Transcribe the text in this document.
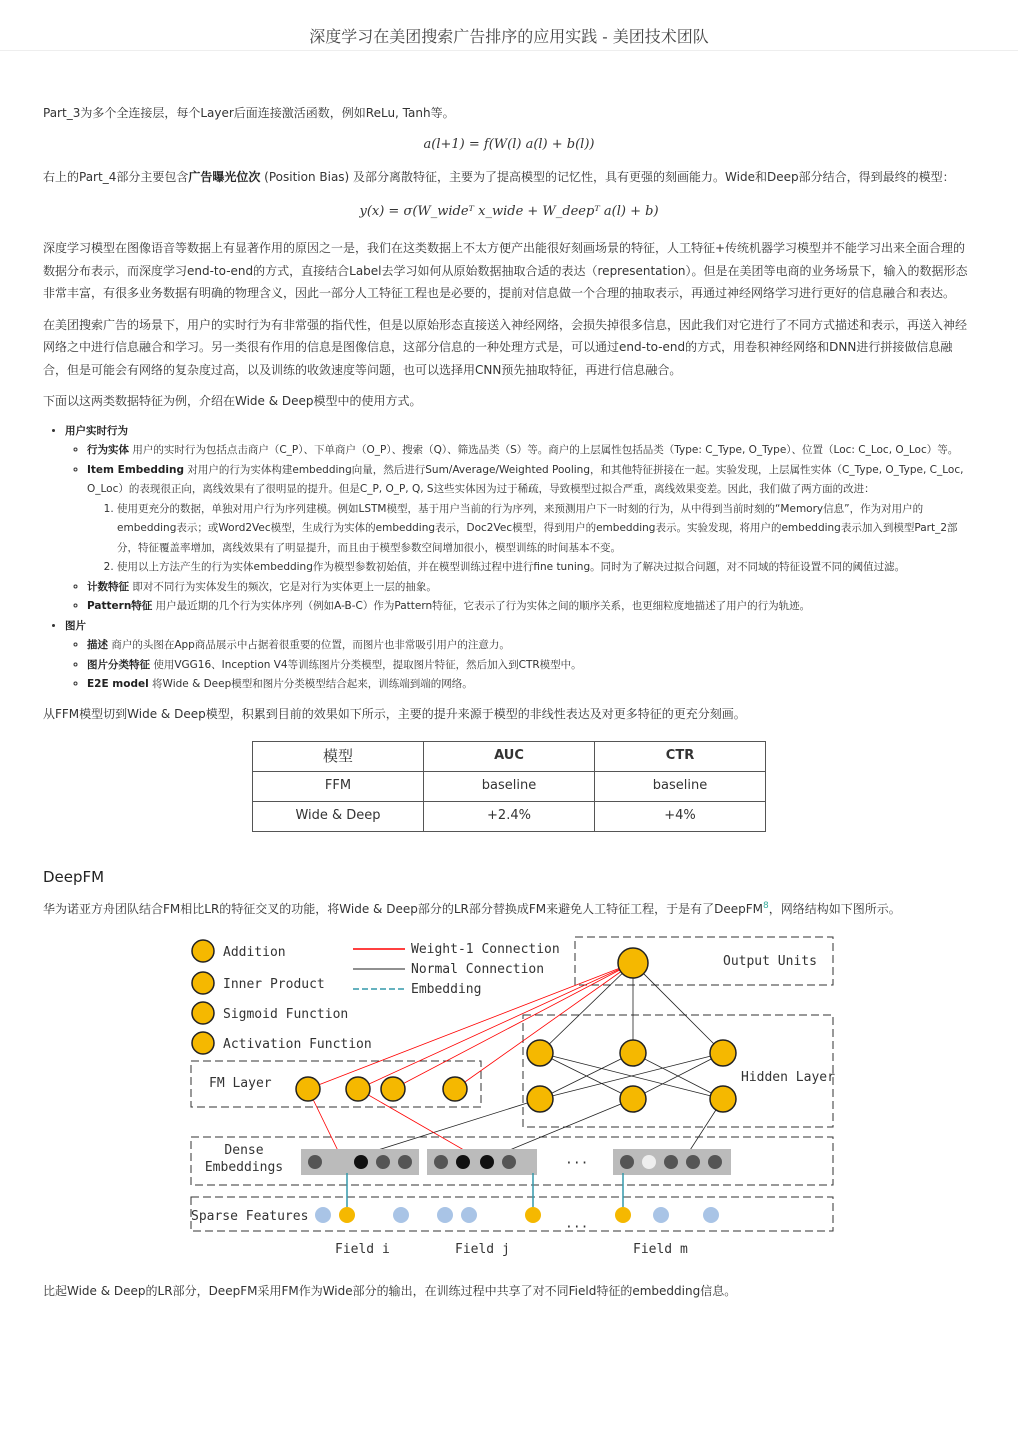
深度学习在美团搜索广告排序的应用实践 - 美团技术团队

Part_3为多个全连接层，每个Layer后面连接激活函数，例如ReLu, Tanh等。

a(l+1) = f(W(l) a(l) + b(l))

右上的Part_4部分主要包含广告曝光位次 (Position Bias) 及部分离散特征，主要为了提高模型的记忆性，具有更强的刻画能力。Wide和Deep部分结合，得到最终的模型：

y(x) = σ(W_wideᵀ x_wide + W_deepᵀ a(l) + b)

深度学习模型在图像语音等数据上有显著作用的原因之一是，我们在这类数据上不太方便产出能很好刻画场景的特征，人工特征+传统机器学习模型并不能学习出来全面合理的数据分布表示，而深度学习end-to-end的方式，直接结合Label去学习如何从原始数据抽取合适的表达（representation）。但是在美团等电商的业务场景下，输入的数据形态非常丰富，有很多业务数据有明确的物理含义，因此一部分人工特征工程也是必要的，提前对信息做一个合理的抽取表示，再通过神经网络学习进行更好的信息融合和表达。

在美团搜索广告的场景下，用户的实时行为有非常强的指代性，但是以原始形态直接送入神经网络，会损失掉很多信息，因此我们对它进行了不同方式描述和表示，再送入神经网络之中进行信息融合和学习。另一类很有作用的信息是图像信息，这部分信息的一种处理方式是，可以通过end-to-end的方式，用卷积神经网络和DNN进行拼接做信息融合，但是可能会有网络的复杂度过高，以及训练的收敛速度等问题，也可以选择用CNN预先抽取特征，再进行信息融合。

下面以这两类数据特征为例，介绍在Wide & Deep模型中的使用方式。

• 用户实时行为
◦ 行为实体 用户的实时行为包括点击商户（C_P）、下单商户（O_P）、搜索（Q）、筛选品类（S）等。商户的上层属性包括品类（Type: C_Type, O_Type）、位置（Loc: C_Loc, O_Loc）等。
◦ Item Embedding 对用户的行为实体构建embedding向量，然后进行Sum/Average/Weighted Pooling，和其他特征拼接在一起。实验发现，上层属性实体（C_Type, O_Type, C_Loc, O_Loc）的表现很正向，离线效果有了很明显的提升。但是C_P, O_P, Q, S这些实体因为过于稀疏，导致模型过拟合严重，离线效果变差。因此，我们做了两方面的改进：
1. 使用更充分的数据，单独对用户行为序列建模。例如LSTM模型，基于用户当前的行为序列，来预测用户下一时刻的行为，从中得到当前时刻的“Memory信息”，作为对用户的embedding表示；或Word2Vec模型，生成行为实体的embedding表示，Doc2Vec模型，得到用户的embedding表示。实验发现，将用户的embedding表示加入到模型Part_2部分，特征覆盖率增加，离线效果有了明显提升，而且由于模型参数空间增加很小，模型训练的时间基本不变。
2. 使用以上方法产生的行为实体embedding作为模型参数初始值，并在模型训练过程中进行fine tuning。同时为了解决过拟合问题，对不同域的特征设置不同的阈值过滤。
◦ 计数特征 即对不同行为实体发生的频次，它是对行为实体更上一层的抽象。
◦ Pattern特征 用户最近期的几个行为实体序列（例如A-B-C）作为Pattern特征，它表示了行为实体之间的顺序关系，也更细粒度地描述了用户的行为轨迹。
• 图片
◦ 描述 商户的头图在App商品展示中占据着很重要的位置，而图片也非常吸引用户的注意力。
◦ 图片分类特征 使用VGG16、Inception V4等训练图片分类模型，提取图片特征，然后加入到CTR模型中。
◦ E2E model 将Wide & Deep模型和图片分类模型结合起来，训练端到端的网络。

从FFM模型切到Wide & Deep模型，积累到目前的效果如下所示，主要的提升来源于模型的非线性表达及对更多特征的更充分刻画。

模型	AUC	CTR
FFM	baseline	baseline
Wide & Deep	+2.4%	+4%
DeepFM

华为诺亚方舟团队结合FM相比LR的特征交叉的功能，将Wide & Deep部分的LR部分替换成FM来避免人工特征工程，于是有了DeepFM$^8$，网络结构如下图所示。

Addition
Inner Product
Sigmoid Function
Activation Function
Weight-1 Connection
Normal Connection
Embedding
Output Units
Hidden Layer
FM Layer
Dense Embeddings
Sparse Features
Field i	Field j	Field m
···
···

比起Wide & Deep的LR部分，DeepFM采用FM作为Wide部分的输出，在训练过程中共享了对不同Field特征的embedding信息。
